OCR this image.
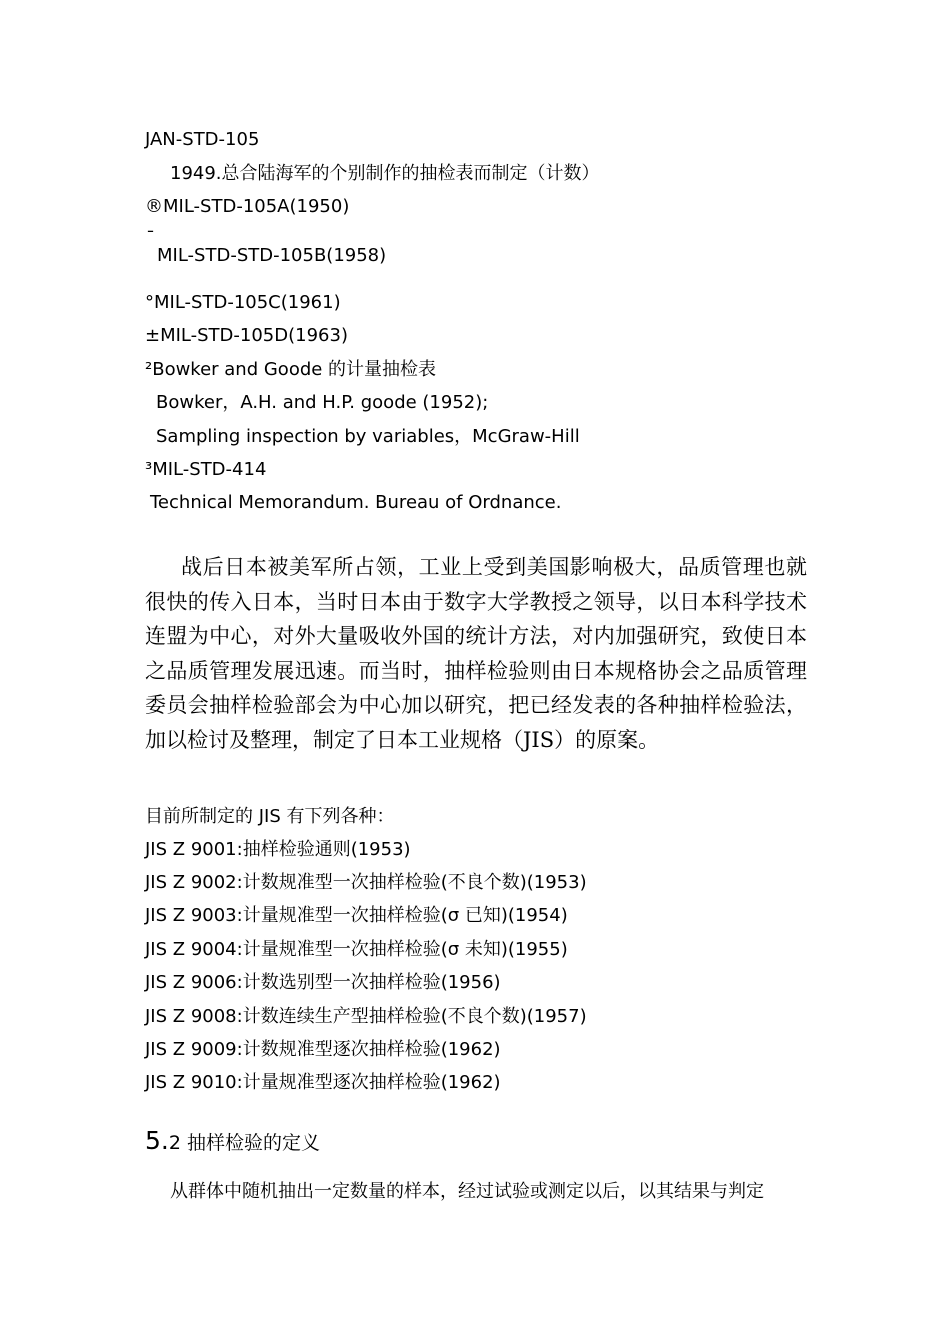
JAN-STD-105
1949.总合陆海军的个别制作的抽检表而制定（计数）
®MIL-STD-105A(1950)
¯
MIL-STD-STD-105B(1958)
°MIL-STD-105C(1961)
±MIL-STD-105D(1963)
²Bowker and Goode 的计量抽检表
Bowker，A.H. and H.P. goode (1952);
Sampling inspection by variables，McGraw-Hill
³MIL-STD-414
Technical Memorandum. Bureau of Ordnance.
战后日本被美军所占领，工业上受到美国影响极大，品质管理也就很快的传入日本，当时日本由于数字大学教授之领导，以日本科学技术连盟为中心，对外大量吸收外国的统计方法，对内加强研究，致使日本之品质管理发展迅速。而当时，抽样检验则由日本规格协会之品质管理委员会抽样检验部会为中心加以研究，把已经发表的各种抽样检验法，加以检讨及整理，制定了日本工业规格（JIS）的原案。
目前所制定的 JIS 有下列各种：
JIS Z 9001:抽样检验通则(1953)
JIS Z 9002:计数规准型一次抽样检验(不良个数)(1953)
JIS Z 9003:计量规准型一次抽样检验(σ 已知)(1954)
JIS Z 9004:计量规准型一次抽样检验(σ 未知)(1955)
JIS Z 9006:计数选别型一次抽样检验(1956)
JIS Z 9008:计数连续生产型抽样检验(不良个数)(1957)
JIS Z 9009:计数规准型逐次抽样检验(1962)
JIS Z 9010:计量规准型逐次抽样检验(1962)
5.2 抽样检验的定义
从群体中随机抽出一定数量的样本，经过试验或测定以后，以其结果与判定
